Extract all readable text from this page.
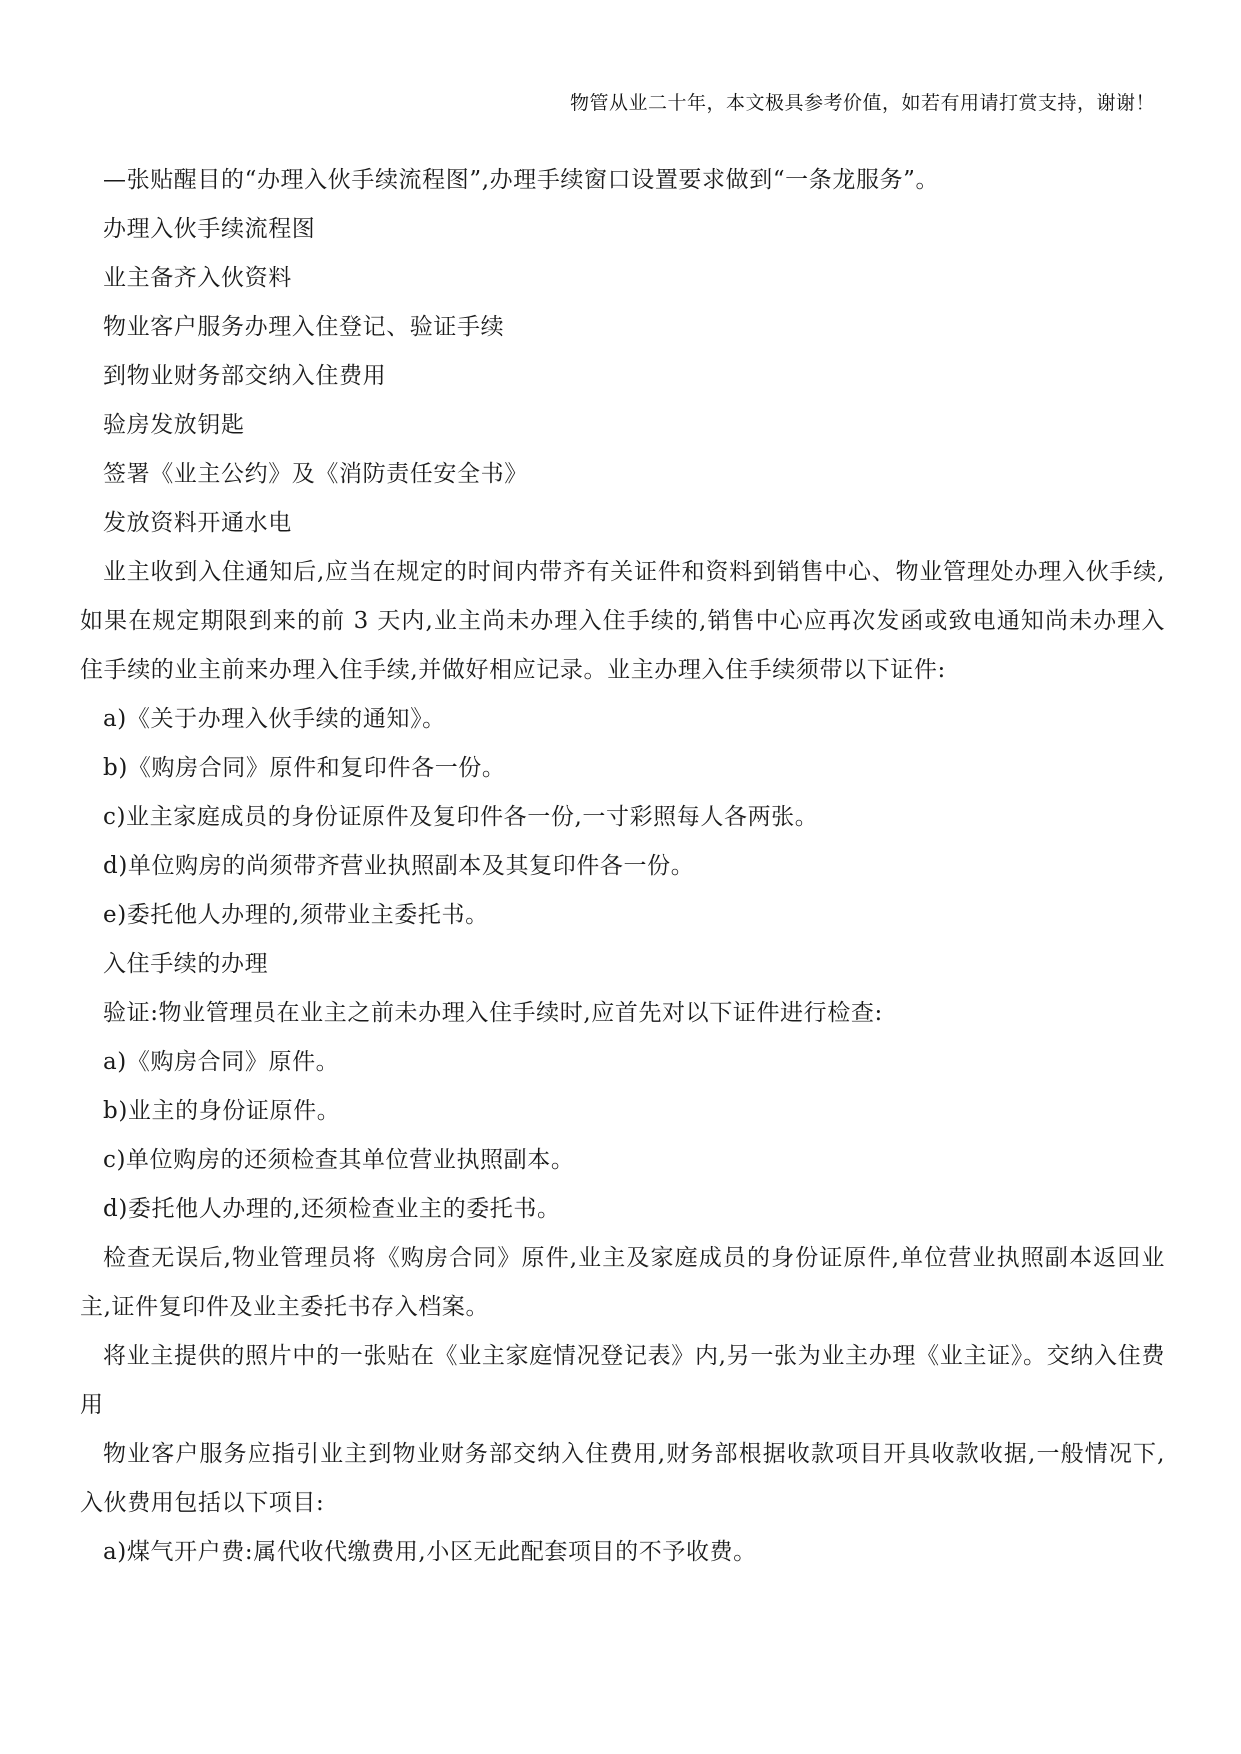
物管从业二十年，本文极具参考价值，如若有用请打赏支持，谢谢！

—张贴醒目的“办理入伙手续流程图”,办理手续窗口设置要求做到“一条龙服务”。

办理入伙手续流程图

业主备齐入伙资料

物业客户服务办理入住登记、验证手续

到物业财务部交纳入住费用

验房发放钥匙

签署《业主公约》及《消防责任安全书》

发放资料开通水电

业主收到入住通知后,应当在规定的时间内带齐有关证件和资料到销售中心、物业管理处办理入伙手续,如果在规定期限到来的前 3 天内,业主尚未办理入住手续的,销售中心应再次发函或致电通知尚未办理入住手续的业主前来办理入住手续,并做好相应记录。业主办理入住手续须带以下证件:

a)《关于办理入伙手续的通知》。

b)《购房合同》原件和复印件各一份。

c)业主家庭成员的身份证原件及复印件各一份,一寸彩照每人各两张。

d)单位购房的尚须带齐营业执照副本及其复印件各一份。

e)委托他人办理的,须带业主委托书。

入住手续的办理

验证:物业管理员在业主之前未办理入住手续时,应首先对以下证件进行检查:

a)《购房合同》原件。

b)业主的身份证原件。

c)单位购房的还须检查其单位营业执照副本。

d)委托他人办理的,还须检查业主的委托书。

检查无误后,物业管理员将《购房合同》原件,业主及家庭成员的身份证原件,单位营业执照副本返回业主,证件复印件及业主委托书存入档案。

将业主提供的照片中的一张贴在《业主家庭情况登记表》内,另一张为业主办理《业主证》。交纳入住费用

物业客户服务应指引业主到物业财务部交纳入住费用,财务部根据收款项目开具收款收据,一般情况下,入伙费用包括以下项目:

a)煤气开户费:属代收代缴费用,小区无此配套项目的不予收费。
